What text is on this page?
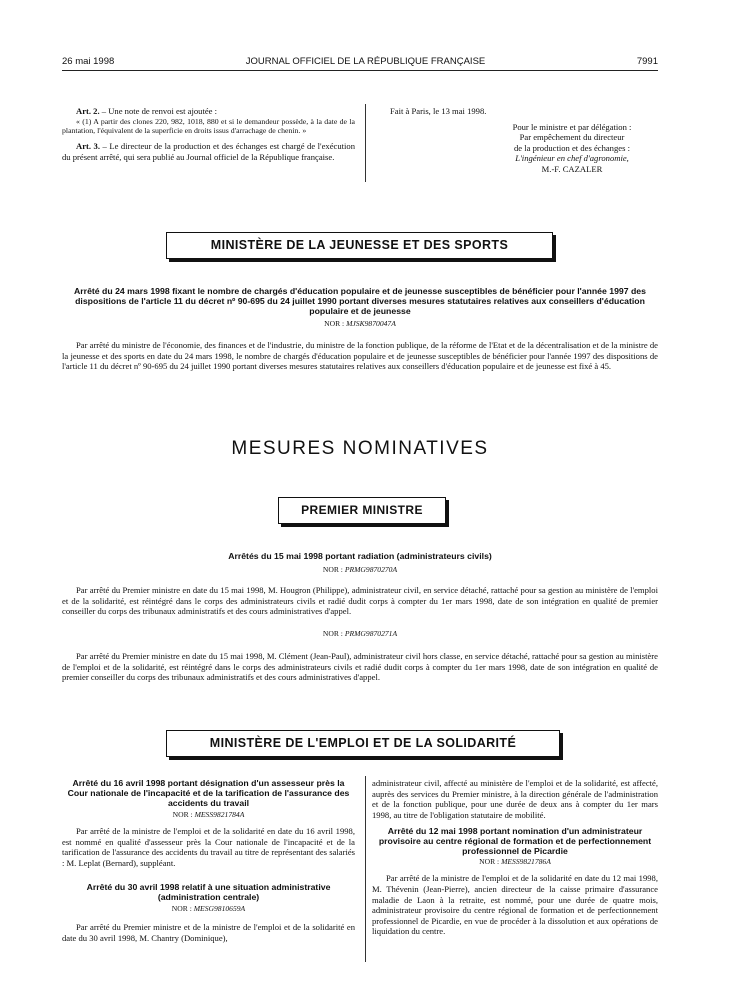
26 mai 1998	JOURNAL OFFICIEL DE LA RÉPUBLIQUE FRANÇAISE	7991

Art. 2. – Une note de renvoi est ajoutée :

« (1) A partir des clones 220, 982, 1018, 880 et si le demandeur possède, à la date de la plantation, l'équivalent de la superficie en droits issus d'arrachage de chenin. »

Art. 3. – Le directeur de la production et des échanges est chargé de l'exécution du présent arrêté, qui sera publié au Journal officiel de la République française.

Fait à Paris, le 13 mai 1998.

Pour le ministre et par délégation :
Par empêchement du directeur
de la production et des échanges :
L'ingénieur en chef d'agronomie,
M.-F. CAZALER
MINISTÈRE DE LA JEUNESSE ET DES SPORTS
Arrêté du 24 mars 1998 fixant le nombre de chargés d'éducation populaire et de jeunesse susceptibles de bénéficier pour l'année 1997 des dispositions de l'article 11 du décret nº 90-695 du 24 juillet 1990 portant diverses mesures statutaires relatives aux conseillers d'éducation populaire et de jeunesse
NOR : MJSK9870047A

Par arrêté du ministre de l'économie, des finances et de l'industrie, du ministre de la fonction publique, de la réforme de l'Etat et de la décentralisation et de la ministre de la jeunesse et des sports en date du 24 mars 1998, le nombre de chargés d'éducation populaire et de jeunesse susceptibles de bénéficier pour l'année 1997 des dispositions de l'article 11 du décret nº 90-695 du 24 juillet 1990 portant diverses mesures statutaires relatives aux conseillers d'éducation populaire et de jeunesse est fixé à 45.

MESURES NOMINATIVES
PREMIER MINISTRE
Arrêtés du 15 mai 1998 portant radiation (administrateurs civils)
NOR : PRMG9870270A

Par arrêté du Premier ministre en date du 15 mai 1998, M. Hougron (Philippe), administrateur civil, en service détaché, rattaché pour sa gestion au ministère de l'emploi et de la solidarité, est réintégré dans le corps des administrateurs civils et radié dudit corps à compter du 1er mars 1998, date de son intégration en qualité de premier conseiller du corps des tribunaux administratifs et des cours administratives d'appel.

NOR : PRMG9870271A

Par arrêté du Premier ministre en date du 15 mai 1998, M. Clément (Jean-Paul), administrateur civil hors classe, en service détaché, rattaché pour sa gestion au ministère de l'emploi et de la solidarité, est réintégré dans le corps des administrateurs civils et radié dudit corps à compter du 1er mars 1998, date de son intégration en qualité de premier conseiller du corps des tribunaux administratifs et des cours administratives d'appel.

MINISTÈRE DE L'EMPLOI ET DE LA SOLIDARITÉ
Arrêté du 16 avril 1998 portant désignation d'un assesseur près la Cour nationale de l'incapacité et de la tarification de l'assurance des accidents du travail
NOR : MESS9821784A

Par arrêté de la ministre de l'emploi et de la solidarité en date du 16 avril 1998, est nommé en qualité d'assesseur près la Cour nationale de l'incapacité et de la tarification de l'assurance des accidents du travail au titre de représentant des salariés : M. Leplat (Bernard), suppléant.

Arrêté du 30 avril 1998 relatif à une situation administrative (administration centrale)
NOR : MESG9810659A

Par arrêté du Premier ministre et de la ministre de l'emploi et de la solidarité en date du 30 avril 1998, M. Chantry (Dominique),

administrateur civil, affecté au ministère de l'emploi et de la solidarité, est affecté, auprès des services du Premier ministre, à la direction générale de l'administration et de la fonction publique, pour une durée de deux ans à compter du 1er mars 1998, au titre de l'obligation statutaire de mobilité.

Arrêté du 12 mai 1998 portant nomination d'un administrateur provisoire au centre régional de formation et de perfectionnement professionnel de Picardie
NOR : MESS9821786A

Par arrêté de la ministre de l'emploi et de la solidarité en date du 12 mai 1998, M. Thévenin (Jean-Pierre), ancien directeur de la caisse primaire d'assurance maladie de Laon à la retraite, est nommé, pour une durée de quatre mois, administrateur provisoire du centre régional de formation et de perfectionnement professionnel de Picardie, en vue de procéder à la dissolution et aux opérations de liquidation du centre.
